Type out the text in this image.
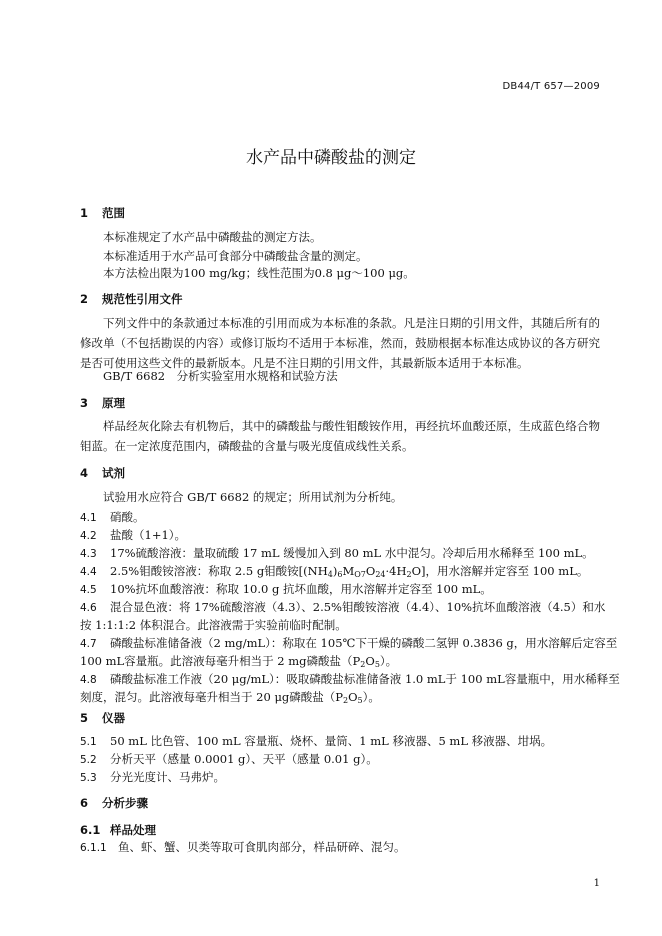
DB44/T 657—2009
水产品中磷酸盐的测定
1 范围
本标准规定了水产品中磷酸盐的测定方法。
本标准适用于水产品可食部分中磷酸盐含量的测定。
本方法检出限为100 mg/kg；线性范围为0.8 μg～100 μg。
2 规范性引用文件
下列文件中的条款通过本标准的引用而成为本标准的条款。凡是注日期的引用文件，其随后所有的修改单（不包括勘误的内容）或修订版均不适用于本标准，然而，鼓励根据本标准达成协议的各方研究是否可使用这些文件的最新版本。凡是不注日期的引用文件，其最新版本适用于本标准。
GB/T 6682　分析实验室用水规格和试验方法
3 原理
样品经灰化除去有机物后，其中的磷酸盐与酸性钼酸铵作用，再经抗坏血酸还原，生成蓝色络合物钼蓝。在一定浓度范围内，磷酸盐的含量与吸光度值成线性关系。
4 试剂
试验用水应符合 GB/T 6682 的规定；所用试剂为分析纯。
4.1 硝酸。
4.2 盐酸（1+1）。
4.3 17%硫酸溶液：量取硫酸 17 mL 缓慢加入到 80 mL 水中混匀。冷却后用水稀释至 100 mL。
4.4 2.5%钼酸铵溶液：称取 2.5 g钼酸铵$[(NH_4)_6M_{O7}O_{24}\cdot 4H_2O]$，用水溶解并定容至 100 mL。
4.5 10%抗坏血酸溶液：称取 10.0 g 抗坏血酸，用水溶解并定容至 100 mL。
4.6 混合显色液：将 17%硫酸溶液（4.3）、2.5%钼酸铵溶液（4.4）、10%抗坏血酸溶液（4.5）和水
按 1:1:1:2 体积混合。此溶液需于实验前临时配制。
4.7 磷酸盐标准储备液（2 mg/mL）：称取在 105℃下干燥的磷酸二氢钾 0.3836 g，用水溶解后定容至
100 mL容量瓶。此溶液每毫升相当于 2 mg磷酸盐$(P_2O_5)$。
4.8 磷酸盐标准工作液（20 μg/mL）：吸取磷酸盐标准储备液 1.0 mL于 100 mL容量瓶中，用水稀释至
刻度，混匀。此溶液每毫升相当于 20 μg磷酸盐$(P_2O_5)$。
5 仪器
5.1 50 mL 比色管、100 mL 容量瓶、烧杯、量筒、1 mL 移液器、5 mL 移液器、坩埚。
5.2 分析天平（感量 0.0001 g）、天平（感量 0.01 g）。
5.3 分光光度计、马弗炉。
6 分析步骤
6.1 样品处理
6.1.1 鱼、虾、蟹、贝类等取可食肌肉部分，样品研碎、混匀。
1
